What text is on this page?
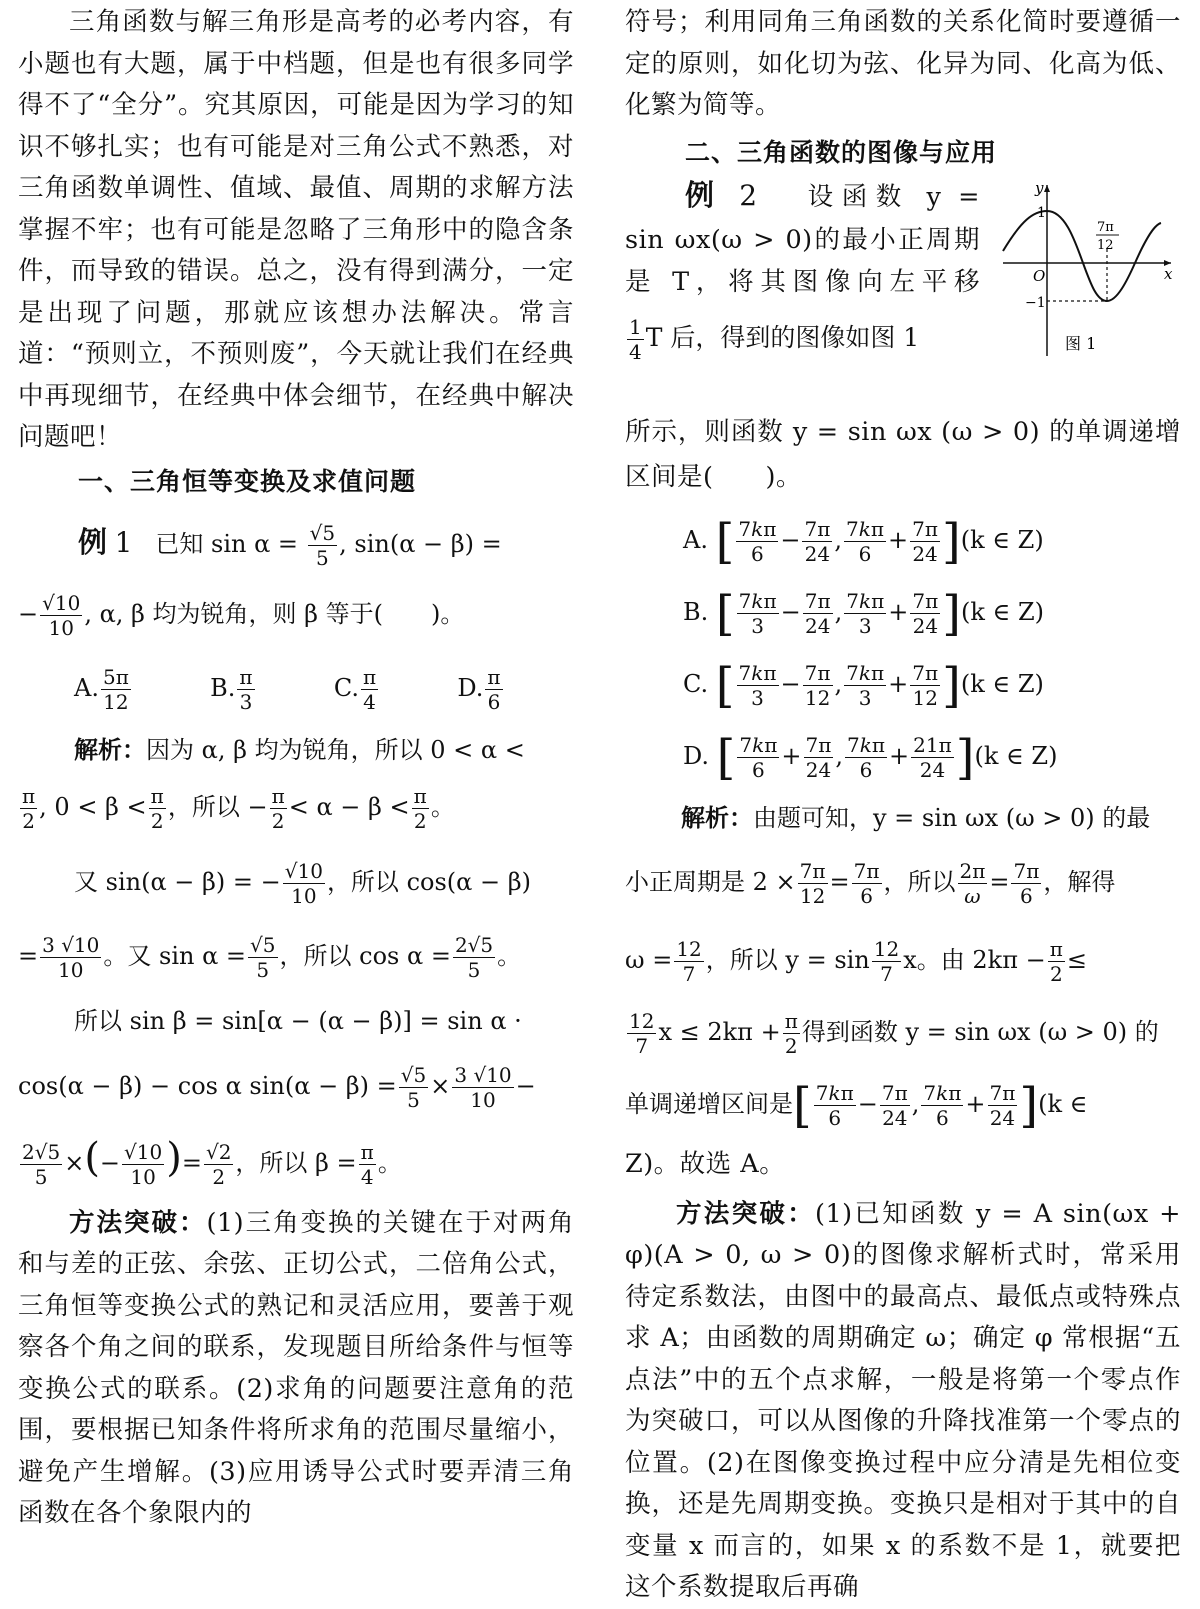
三角函数与解三角形是高考的必考内容，有小题也有大题，属于中档题，但是也有很多同学得不了“全分”。究其原因，可能是因为学习的知识不够扎实；也有可能是对三角公式不熟悉，对三角函数单调性、值域、最值、周期的求解方法掌握不牢；也有可能是忽略了三角形中的隐含条件，而导致的错误。总之，没有得到满分，一定是出现了问题，那就应该想办法解决。常言道：“预则立，不预则废”，今天就让我们在经典中再现细节，在经典中体会细节，在经典中解决问题吧！

一、三角恒等变换及求值问题

例 1 已知 $\sin \alpha = \frac{√5}{5}$ , sin(α − β) =
− $\frac{√10}{10}$ , α, β 均为锐角，则 β 等于(　　)。
A. $\frac{5\pi}{12}$	B. $\frac{\pi}{3}$	C. $\frac{\pi}{4}$	D. $\frac{\pi}{6}$
解析：因为 α, β 均为锐角，所以 0 < α <
$\frac{\pi}{2}$ , $0 < \beta < \frac{\pi}{2}$ ，所以 − $\frac{\pi}{2} < \alpha - \beta < \frac{\pi}{2}$ 。
又 sin(α − β) = − $\frac{√10}{10}$ ，所以 cos(α − β)
= $\frac{3 √10}{10}$ 。又 $\sin \alpha = \frac{√5}{5}$ ，所以 $\cos \alpha = \frac{2√5}{5}$ 。
所以 sin β = sin[α − (α − β)] = sin α ·
cos(α − β) − cos α $\sin(\alpha - \beta) = \frac{√5}{5} \times \frac{3 √10}{10}$ −
$\frac{2√5}{5}$ ×(− $\frac{√10}{10}$ )= $\frac{√2}{2}$ ，所以 $\beta = \frac{\pi}{4}$ 。

方法突破：(1)三角变换的关键在于对两角和与差的正弦、余弦、正切公式，二倍角公式，三角恒等变换公式的熟记和灵活应用，要善于观察各个角之间的联系，发现题目所给条件与恒等变换公式的联系。(2)求角的问题要注意角的范围，要根据已知条件将所求角的范围尽量缩小，避免产生增解。(3)应用诱导公式时要弄清三角函数在各个象限内的

符号；利用同角三角函数的关系化简时要遵循一定的原则，如化切为弦、化异为同、化高为低、化繁为简等。

二、三角函数的图像与应用

例 2 设函数 y =
sin ωx(ω > 0)的最小正周期
是 T，将其图像向左平移
$\frac{1}{4}$ T 后，得到的图像如图 1
y
x
O
1
−1
7π
12
图 1
所示，则函数 y = sin ωx (ω > 0) 的单调递增
区间是(　　)。
A. [ $\frac{7k\pi}{6} - \frac{7\pi}{24}$ , $\frac{7k\pi}{6} + \frac{7\pi}{24} ](k$ ∈ Z)
B. [ $\frac{7k\pi}{3} - \frac{7\pi}{24}$ , $\frac{7k\pi}{3} + \frac{7\pi}{24} ](k$ ∈ Z)
C. [ $\frac{7k\pi}{3} - \frac{7\pi}{12}$ , $\frac{7k\pi}{3} + \frac{7\pi}{12} ](k$ ∈ Z)
D. [ $\frac{7k\pi}{6} + \frac{7\pi}{24}$ , $\frac{7k\pi}{6} + \frac{21\pi}{24} ](k$ ∈ Z)
解析：由题可知，y = sin ωx (ω > 0) 的最
小正周期是 $2 \times \frac{7\pi}{12} = \frac{7\pi}{6}$ ，所以 $\frac{2\pi}{\omega} = \frac{7\pi}{6}$ ，解得
$\omega = \frac{12}{7}$ ，所以 $y = \sin \frac{12}{7}$ x。由 $2k\pi - \frac{\pi}{2}$ ≤
$\frac{12}{7}$ $x \le 2k\pi + \frac{\pi}{2}$ 得到函数 y = sin ωx (ω > 0) 的
单调递增区间是[ $\frac{7k\pi}{6} - \frac{7\pi}{24}$ , $\frac{7k\pi}{6} + \frac{7\pi}{24} ](k$ ∈
Z)。故选 A。

方法突破：(1)已知函数 y = A sin(ωx + φ)(A > 0, ω > 0)的图像求解析式时，常采用待定系数法，由图中的最高点、最低点或特殊点求 A；由函数的周期确定 ω；确定 φ 常根据“五点法”中的五个点求解，一般是将第一个零点作为突破口，可以从图像的升降找准第一个零点的位置。(2)在图像变换过程中应分清是先相位变换，还是先周期变换。变换只是相对于其中的自变量 x 而言的，如果 x 的系数不是 1，就要把这个系数提取后再确
